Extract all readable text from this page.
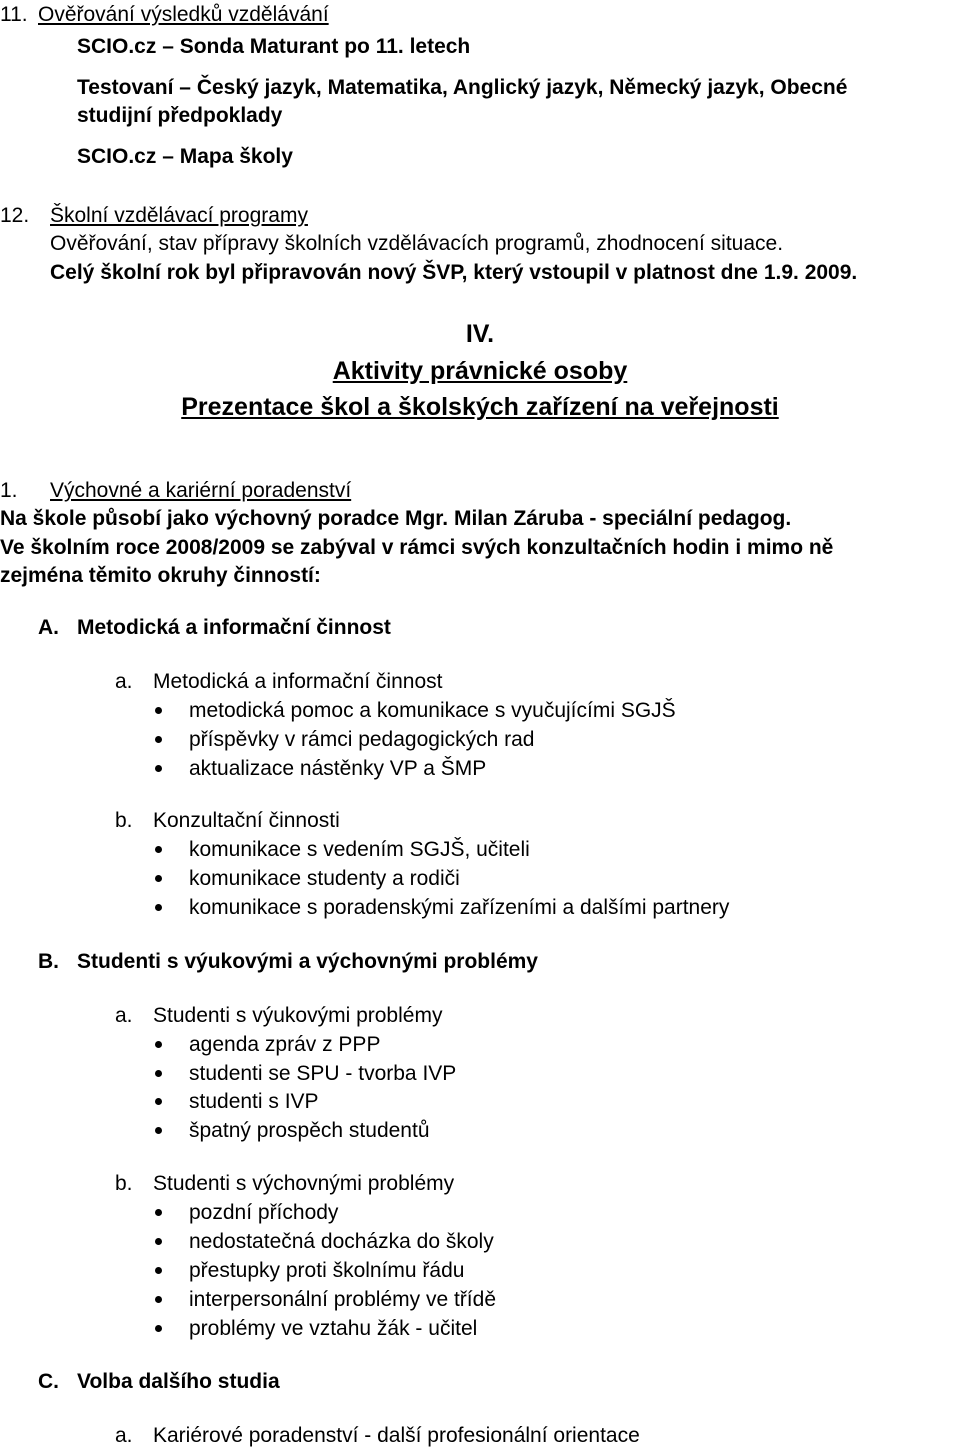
11. Ověřování výsledků vzdělávání
SCIO.cz – Sonda Maturant po 11. letech
Testovaní – Český jazyk, Matematika, Anglický jazyk, Německý jazyk, Obecné
studijní předpoklady
SCIO.cz – Mapa školy
12. Školní vzdělávací programy
Ověřování, stav přípravy školních vzdělávacích programů, zhodnocení situace.
Celý školní rok byl připravován nový ŠVP, který vstoupil v platnost dne 1.9. 2009.
IV.
Aktivity právnické osoby
Prezentace škol a školských zařízení na veřejnosti
1. Výchovné a kariérní poradenství
Na škole působí jako výchovný poradce Mgr. Milan Záruba - speciální pedagog.
Ve školním roce 2008/2009 se zabýval v rámci svých konzultačních hodin i mimo ně
zejména těmito okruhy činností:
A. Metodická a informační činnost
a. Metodická a informační činnost
metodická pomoc a komunikace s vyučujícími SGJŠ
příspěvky v rámci pedagogických rad
aktualizace nástěnky VP a ŠMP
b. Konzultační činnosti
komunikace s vedením SGJŠ, učiteli
komunikace studenty a rodiči
komunikace s poradenskými zařízeními a dalšími partnery
B. Studenti s výukovými a výchovnými problémy
a. Studenti s výukovými problémy
agenda zpráv z PPP
studenti se SPU - tvorba IVP
studenti s IVP
špatný prospěch studentů
b. Studenti s výchovnými problémy
pozdní příchody
nedostatečná docházka do školy
přestupky proti školnímu řádu
interpersonální problémy ve třídě
problémy ve vztahu žák - učitel
C. Volba dalšího studia
a. Kariérové poradenství - další profesionální orientace
